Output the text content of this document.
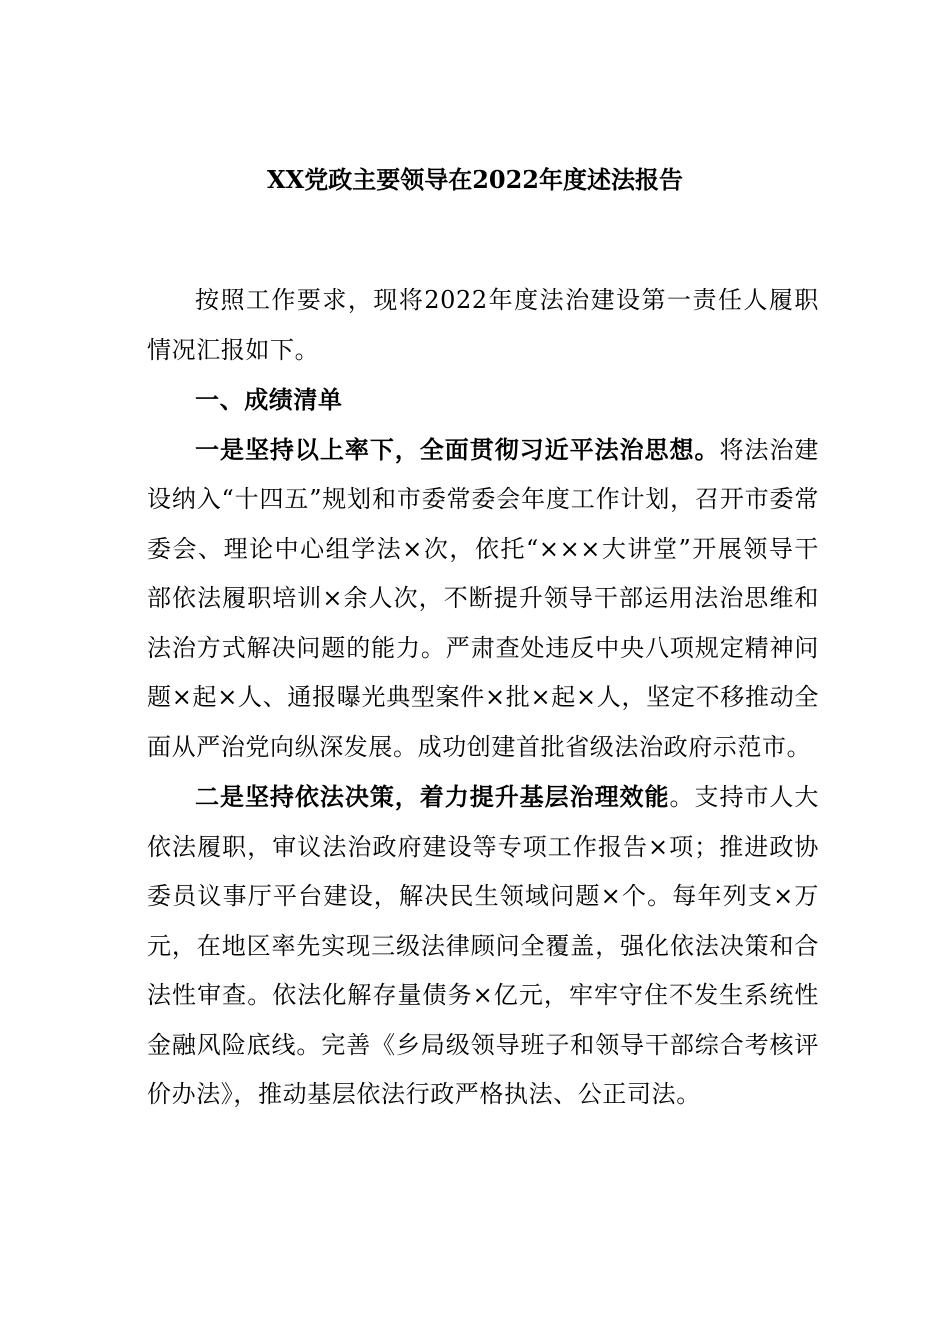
XX党政主要领导在2022年度述法报告

按照工作要求，现将2022年度法治建设第一责任人履职情况汇报如下。

一、成绩清单

一是坚持以上率下，全面贯彻习近平法治思想。将法治建设纳入“十四五”规划和市委常委会年度工作计划，召开市委常委会、理论中心组学法×次，依托“×××大讲堂”开展领导干部依法履职培训×余人次，不断提升领导干部运用法治思维和法治方式解决问题的能力。严肃查处违反中央八项规定精神问题×起×人、通报曝光典型案件×批×起×人，坚定不移推动全面从严治党向纵深发展。成功创建首批省级法治政府示范市。

二是坚持依法决策，着力提升基层治理效能。支持市人大依法履职，审议法治政府建设等专项工作报告×项；推进政协委员议事厅平台建设，解决民生领域问题×个。每年列支×万元，在地区率先实现三级法律顾问全覆盖，强化依法决策和合法性审查。依法化解存量债务×亿元，牢牢守住不发生系统性金融风险底线。完善《乡局级领导班子和领导干部综合考核评价办法》，推动基层依法行政严格执法、公正司法。
